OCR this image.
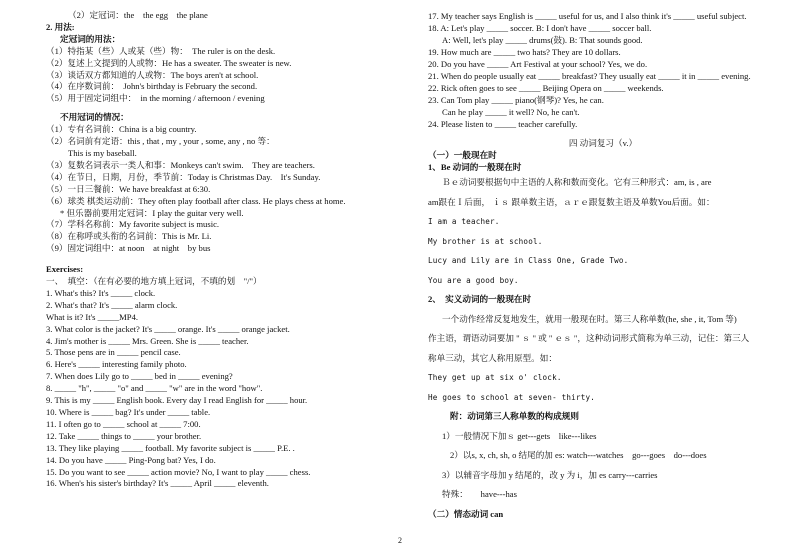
（2）定冠词：the　the egg　the plane
2. 用法:
定冠词的用法：
（1）特指某（些）人或某（些）物：　The ruler is on the desk.
（2）复述上文提到的人或物：He has a sweater. The sweater is new.
（3）谈话双方都知道的人或物：The boys aren't at school.
（4）在序数词前：　John's birthday is February the second.
（5）用于固定词组中：　in the morning / afternoon / evening
不用冠词的情况：
（1）专有名词前：China is a big country.
（2）名词前有定语：this , that , my , your , some, any , no 等：
This is my baseball.
（3）复数名词表示一类人和事：Monkeys can't swim.　They are teachers.
（4）在节日，日期，月份，季节前：Today is Christmas Day.　It's Sunday.
（5）一日三餐前：We have breakfast at 6:30.
（6）球类 棋类运动前：They often play football after class. He plays chess at home.
* 但乐器前要用定冠词：I play the guitar very well.
（7）学科名称前：My favorite subject is music.
（8）在称呼或头衔的名词前：This is Mr. Li.
（9）固定词组中：at noon　at night　by bus
Exercises:
一、　填空：（在有必要的地方填上冠词，不填的划　"/"）
1. What's this? It's _____ clock.
2. What's that? It's _____ alarm clock.
What is it? It's _____MP4.
3. What color is the jacket? It's _____ orange. It's _____ orange jacket.
4. Jim's mother is _____ Mrs. Green. She is _____ teacher.
5. Those pens are in _____ pencil case.
6. Here's _____ interesting family photo.
7. When does Lily go to _____ bed in _____ evening?
8. _____ "h", _____ "o" and _____ "w" are in the word "how".
9. This is my _____ English book. Every day I read English for _____ hour.
10. Where is _____ bag? It's under _____ table.
11. I often go to _____ school at _____ 7:00.
12. Take _____ things to _____ your brother.
13. They like playing _____ football. My favorite subject is _____ P.E. .
14. Do you have _____ Ping-Pong bat? Yes, I do.
15. Do you want to see _____ action movie? No, I want to play _____ chess.
16. When's his sister's birthday? It's _____ April _____ eleventh.
17. My teacher says English is _____ useful for us, and I also think it's _____ useful subject.
18. A: Let's play _____ soccer. B: I don't have _____ soccer ball.
A: Well, let's play _____ drums(鼓). B: That sounds good.
19. How much are _____ two hats? They are 10 dollars.
20. Do you have _____ Art Festival at your school? Yes, we do.
21. When do people usually eat _____ breakfast? They usually eat _____ it in _____ evening.
22. Rick often goes to see _____ Beijing Opera on _____ weekends.
23. Can Tom play _____ piano(钢琴)? Yes, he can.
Can he play _____ it well? No, he can't.
24. Please listen to _____ teacher carefully.
四 动词复习（v.）
（一）一般现在时
1、Be 动词的一般现在时
Ｂｅ动词要根据句中主语的人称和数而变化。它有三种形式：am, is , are
am跟在Ｉ后面， ｉｓ 跟单数主语，ａｒｅ跟复数主语及单数You后面。如：
I am a teacher.
My brother is at school.
Lucy and Lily are in Class One, Grade Two.
You are a good boy.
2、　实义动词的一般现在时
一个动作经常反复地发生，就用一般现在时。第三人称单数(he, she , it, Tom 等)
作主语，谓语动词要加 " ｓ " 或 " ｅｓ "，这种动词形式简称为单三动，记住：第三人
称单三动，其它人称用原型。如：
They get up at six o' clock.
He goes to school at seven- thirty.
附：动词第三人称单数的构成规则
1）一般情况下加ｓ get---gets　like---likes
2）以s, x, ch, sh, o 结尾的加 es: watch---watches　go---goes　do---does
3）以辅音字母加 y 结尾的，改 y 为 i，加 es carry---carries
特殊：　　have---has
（二）情态动词 can
2
